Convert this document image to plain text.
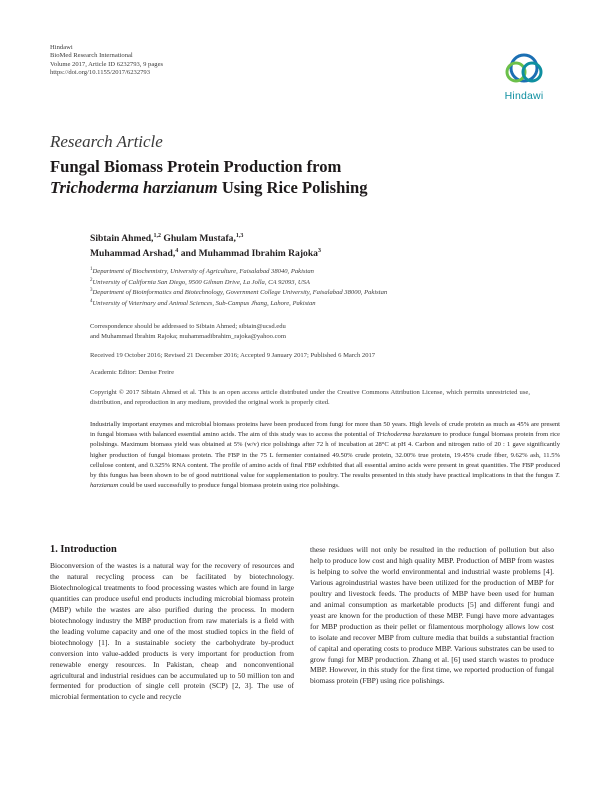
Hindawi
BioMed Research International
Volume 2017, Article ID 6232793, 9 pages
https://doi.org/10.1155/2017/6232793
Hindawi
Research Article
Fungal Biomass Protein Production from
Trichoderma harzianum Using Rice Polishing
Sibtain Ahmed,$^{1,2}$ Ghulam Mustafa,$^{1,3}$
Muhammad Arshad,$^4$ and Muhammad Ibrahim Rajoka$^3$
$^1$Department of Biochemistry, University of Agriculture, Faisalabad 38040, Pakistan
$^2$University of California San Diego, 9500 Gilman Drive, La Jolla, CA 92093, USA
$^3$Department of Bioinformatics and Biotechnology, Government College University, Faisalabad 38000, Pakistan
$^4$University of Veterinary and Animal Sciences, Sub-Campus Jhang, Lahore, Pakistan
Correspondence should be addressed to Sibtain Ahmed; sibtain@ucsd.edu
and Muhammad Ibrahim Rajoka; muhammadibrahim_rajoka@yahoo.com
Received 19 October 2016; Revised 21 December 2016; Accepted 9 January 2017; Published 6 March 2017
Academic Editor: Denise Freire
Copyright © 2017 Sibtain Ahmed et al. This is an open access article distributed under the Creative Commons Attribution License, which permits unrestricted use, distribution, and reproduction in any medium, provided the original work is properly cited.
Industrially important enzymes and microbial biomass proteins have been produced from fungi for more than 50 years. High levels of crude protein as much as 45% are present in fungal biomass with balanced essential amino acids. The aim of this study was to access the potential of Trichoderma harzianum to produce fungal biomass protein from rice polishings. Maximum biomass yield was obtained at 5% (w/v) rice polishings after 72 h of incubation at 28°C at pH 4. Carbon and nitrogen ratio of 20 : 1 gave significantly higher production of fungal biomass protein. The FBP in the 75 L fermenter contained 49.50% crude protein, 32.00% true protein, 19.45% crude fiber, 9.62% ash, 11.5% cellulose content, and 0.325% RNA content. The profile of amino acids of final FBP exhibited that all essential amino acids were present in great quantities. The FBP produced by this fungus has been shown to be of good nutritional value for supplementation to poultry. The results presented in this study have practical implications in that the fungus T. harzianum could be used successfully to produce fungal biomass protein using rice polishings.
1. Introduction

Bioconversion of the wastes is a natural way for the recovery of resources and the natural recycling process can be facilitated by biotechnology. Biotechnological treatments to food processing wastes which are found in large quantities can produce useful end products including microbial biomass protein (MBP) while the wastes are also purified during the process. In modern biotechnology industry the MBP production from raw materials is a field with the leading volume capacity and one of the most studied topics in the field of biotechnology [1]. In a sustainable society the carbohydrate by-product conversion into value-added products is very important for production from renewable energy resources. In Pakistan, cheap and nonconventional agricultural and industrial residues can be accumulated up to 50 million ton and fermented for production of single cell protein (SCP) [2, 3]. The use of microbial fermentation to cycle and recycle

these residues will not only be resulted in the reduction of pollution but also help to produce low cost and high quality MBP. Production of MBP from wastes is helping to solve the world environmental and industrial waste problems [4]. Various agroindustrial wastes have been utilized for the production of MBP for poultry and livestock feeds. The products of MBP have been used for human and animal consumption as marketable products [5] and different fungi and yeast are known for the production of these MBP. Fungi have more advantages for MBP production as their pellet or filamentous morphology allows low cost to isolate and recover MBP from culture media that builds a substantial fraction of capital and operating costs to produce MBP. Various substrates can be used to grow fungi for MBP production. Zhang et al. [6] used starch wastes to produce MBP. However, in this study for the first time, we reported production of fungal biomass protein (FBP) using rice polishings.
